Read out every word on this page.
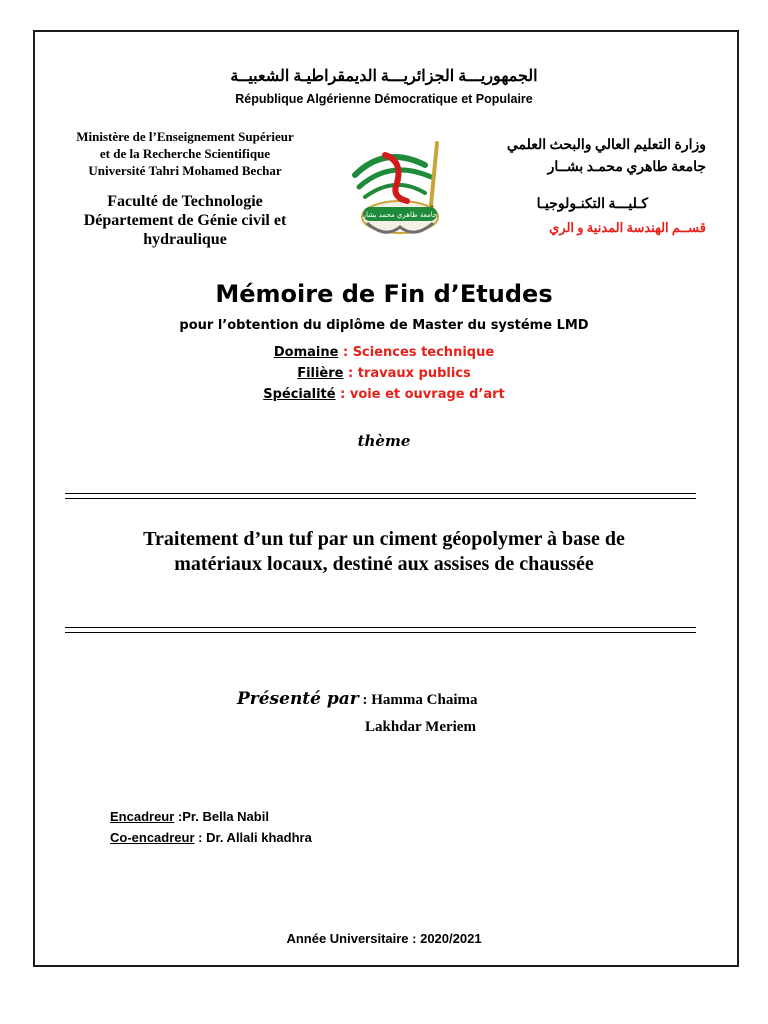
الجمهوريـــة الجزائريـــة الديمقراطيـة الشعبيــة
République Algérienne Démocratique et Populaire
Ministère de l’Enseignement Supérieur
et de la Recherche Scientifique
Université Tahri Mohamed Bechar
Faculté de Technologie
Département de Génie civil et
hydraulique
جامعة طاهري محمد بشار
وزارة التعليم العالي والبحث العلمي
جامعة طاهري محمـد بشــار
كـليـــة التكنـولوجيـا
قســم الهندسة المدنية و الري
Mémoire de Fin d’Etudes
pour l’obtention du diplôme de Master du systéme LMD
Domaine : Sciences technique
Filière : travaux publics
Spécialité : voie et ouvrage d’art
thème
Traitement d’un tuf par un ciment géopolymer à base de
matériaux locaux, destiné aux assises de chaussée
Présenté par : Hamma Chaima
Lakhdar Meriem
Encadreur :Pr. Bella Nabil
Co-encadreur : Dr. Allali khadhra
Année Universitaire : 2020/2021
